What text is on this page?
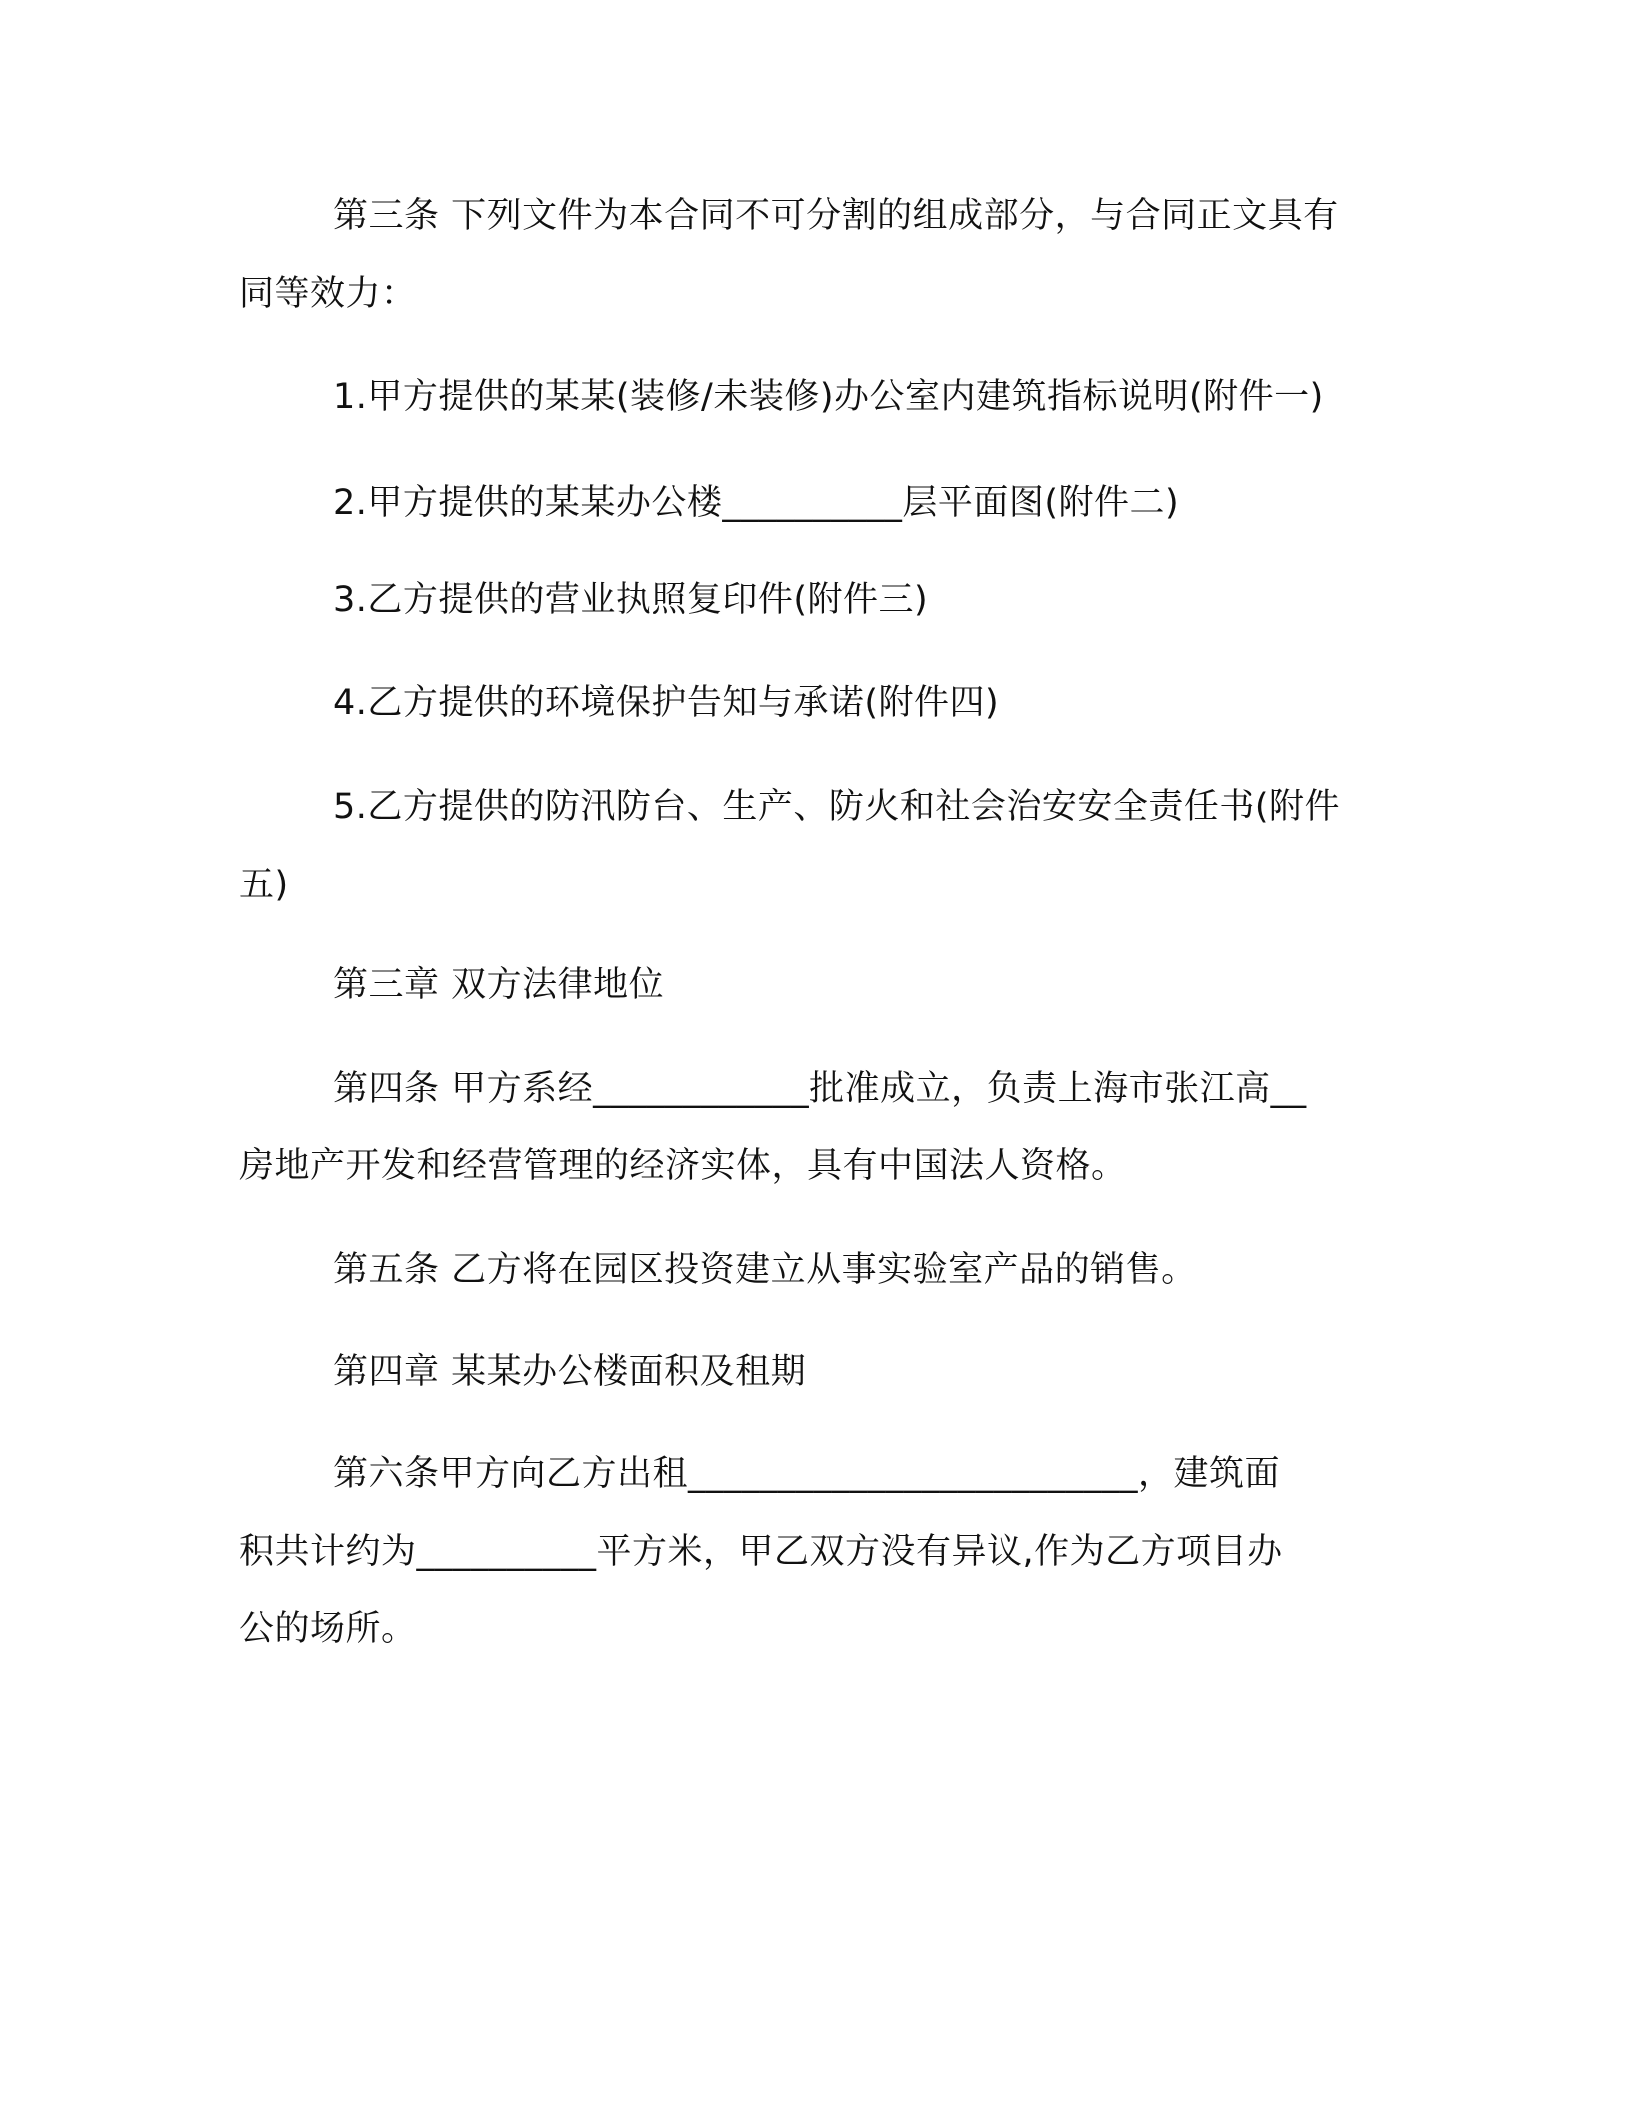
第三条 下列文件为本合同不可分割的组成部分，与合同正文具有
同等效力：
1.甲方提供的某某(装修/未装修)办公室内建筑指标说明(附件一)
2.甲方提供的某某办公楼__________层平面图(附件二)
3.乙方提供的营业执照复印件(附件三)
4.乙方提供的环境保护告知与承诺(附件四)
5.乙方提供的防汛防台、生产、防火和社会治安安全责任书(附件
五)
第三章 双方法律地位
第四条 甲方系经____________批准成立，负责上海市张江高__
房地产开发和经营管理的经济实体，具有中国法人资格。
第五条 乙方将在园区投资建立从事实验室产品的销售。
第四章 某某办公楼面积及租期
第六条甲方向乙方出租_________________________，建筑面
积共计约为__________平方米，甲乙双方没有异议,作为乙方项目办
公的场所。
